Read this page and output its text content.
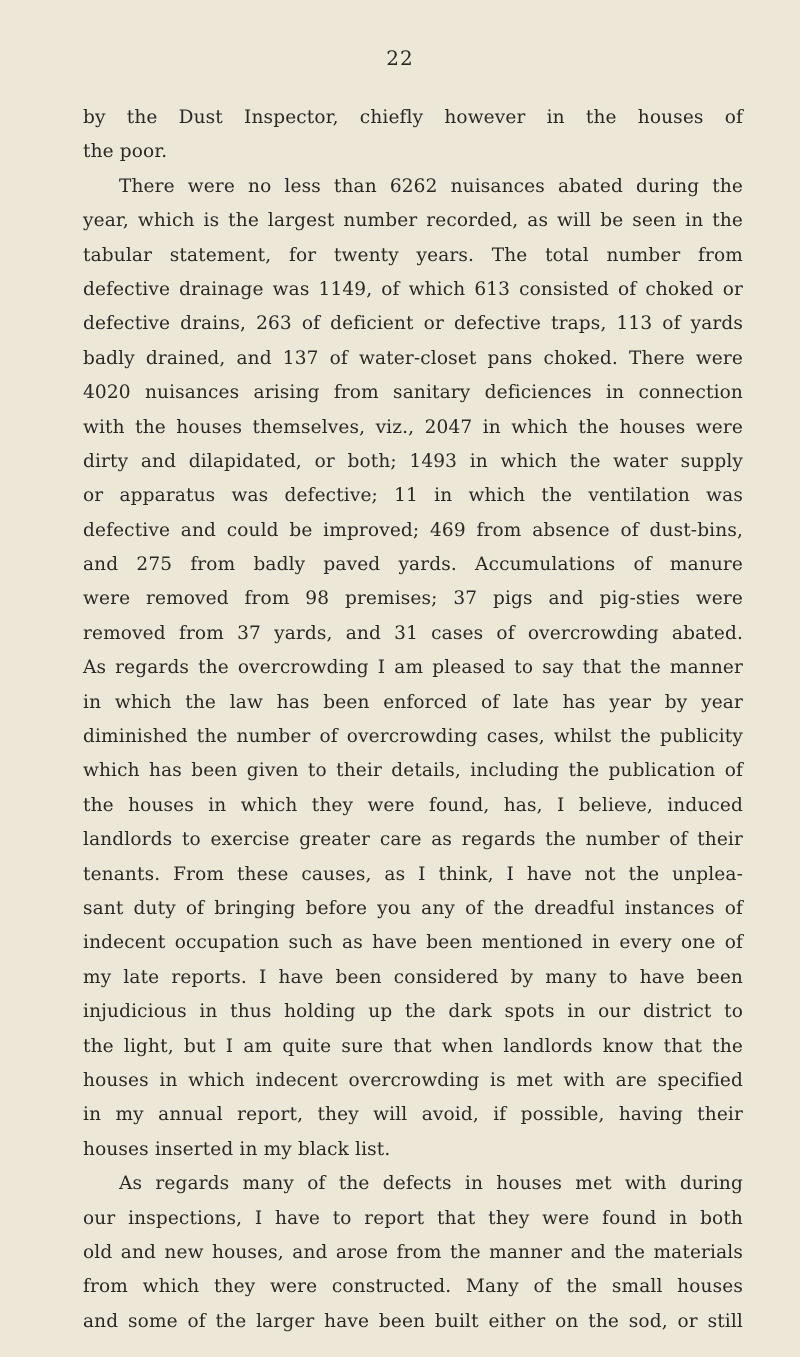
22
by the Dust Inspector, chiefly however in the houses of
the poor.
There were no less than 6262 nuisances abated during the
year, which is the largest number recorded, as will be seen in the
tabular statement, for twenty years. The total number from
defective drainage was 1149, of which 613 consisted of choked or
defective drains, 263 of deficient or defective traps, 113 of yards
badly drained, and 137 of water-closet pans choked. There were
4020 nuisances arising from sanitary deficiences in connection
with the houses themselves, viz., 2047 in which the houses were
dirty and dilapidated, or both; 1493 in which the water supply
or apparatus was defective; 11 in which the ventilation was
defective and could be improved; 469 from absence of dust-bins,
and 275 from badly paved yards. Accumulations of manure
were removed from 98 premises; 37 pigs and pig-sties were
removed from 37 yards, and 31 cases of overcrowding abated.
As regards the overcrowding I am pleased to say that the manner
in which the law has been enforced of late has year by year
diminished the number of overcrowding cases, whilst the publicity
which has been given to their details, including the publication of
the houses in which they were found, has, I believe, induced
landlords to exercise greater care as regards the number of their
tenants. From these causes, as I think, I have not the unplea-
sant duty of bringing before you any of the dreadful instances of
indecent occupation such as have been mentioned in every one of
my late reports. I have been considered by many to have been
injudicious in thus holding up the dark spots in our district to
the light, but I am quite sure that when landlords know that the
houses in which indecent overcrowding is met with are specified
in my annual report, they will avoid, if possible, having their
houses inserted in my black list.
As regards many of the defects in houses met with during
our inspections, I have to report that they were found in both
old and new houses, and arose from the manner and the materials
from which they were constructed. Many of the small houses
and some of the larger have been built either on the sod, or still
